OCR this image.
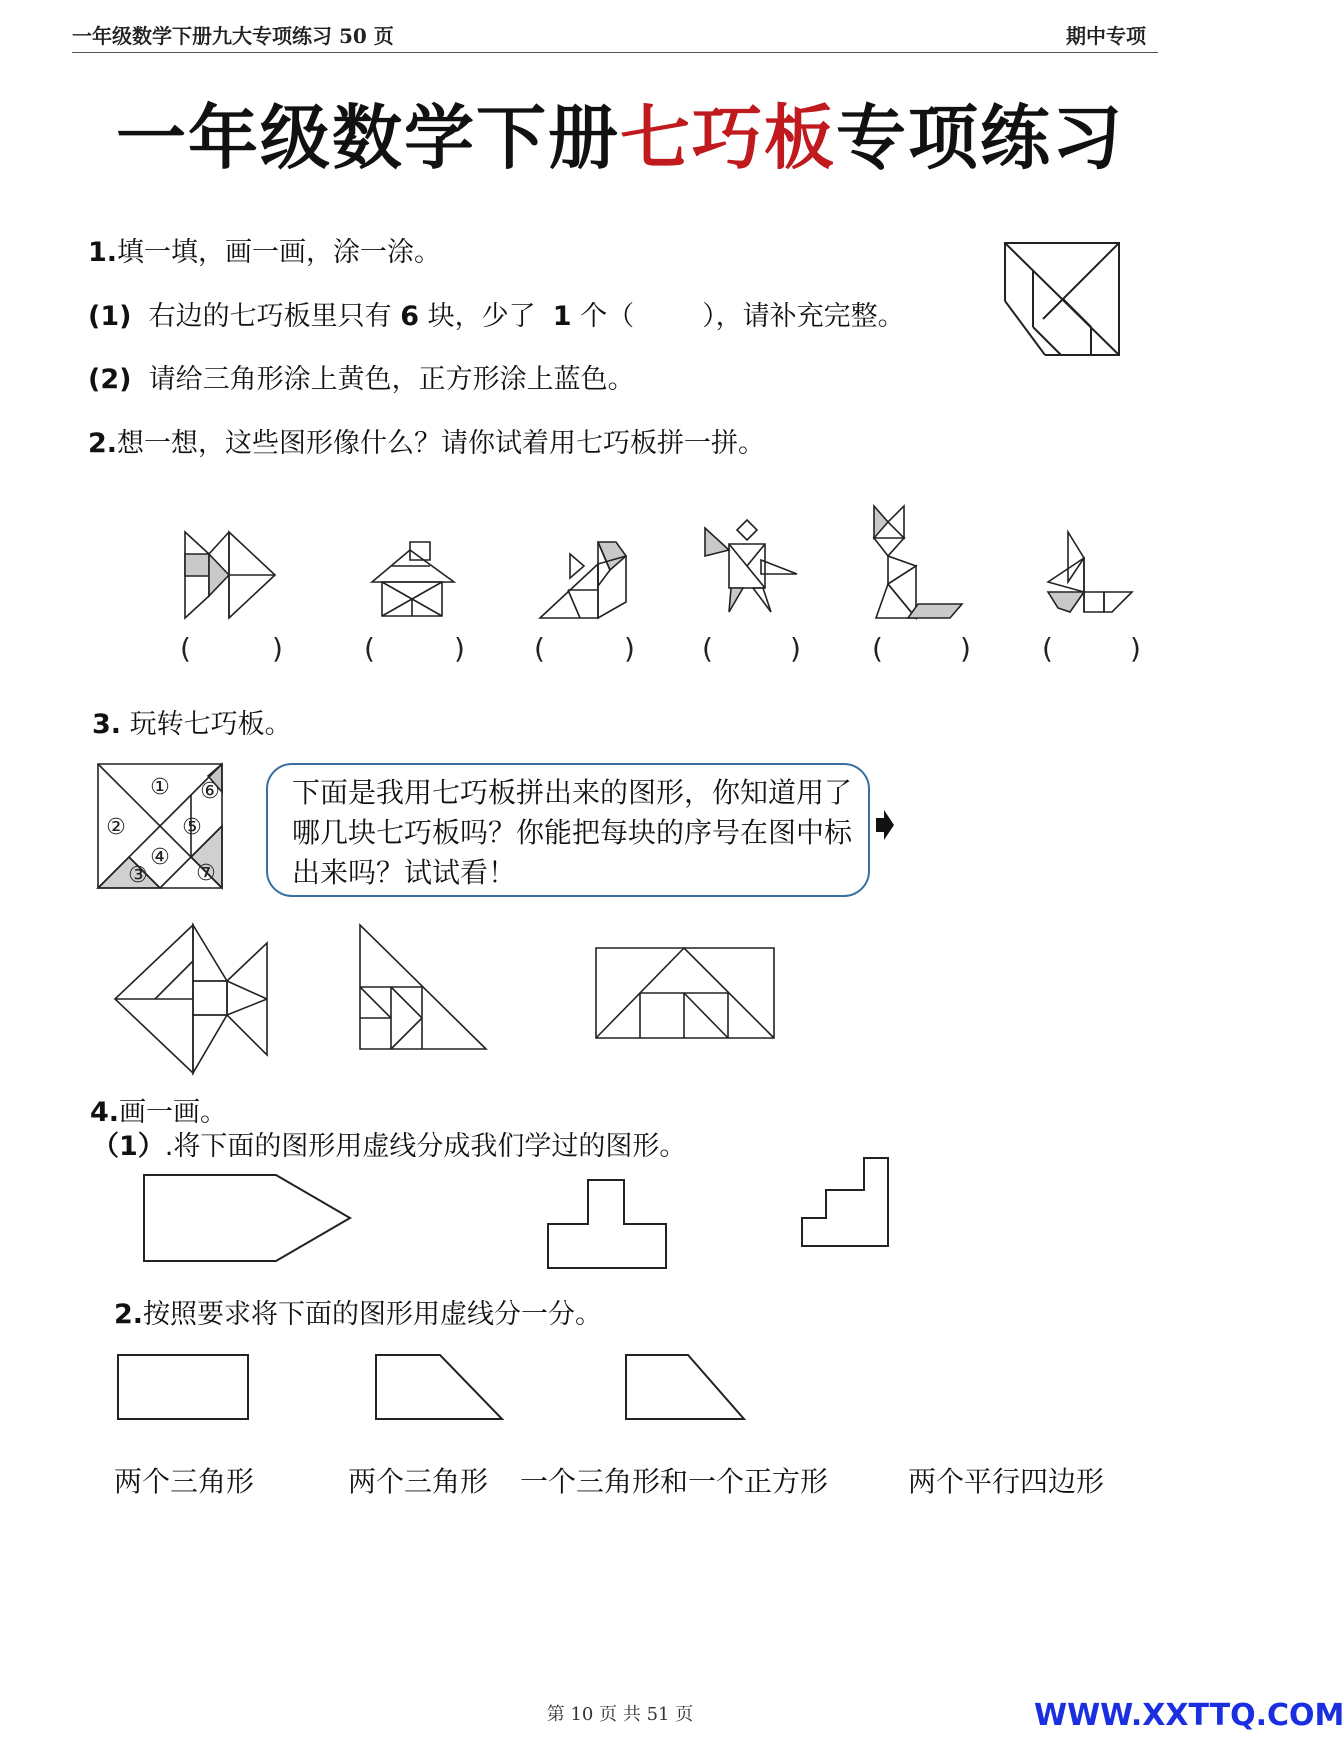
一年级数学下册九大专项练习 50 页	期中专项
一年级数学下册七巧板专项练习
1.填一填，画一画，涂一涂。
(1) 右边的七巧板里只有 6 块，少了 1 个（	），请补充完整。
(2) 请给三角形涂上黄色，正方形涂上蓝色。
2.想一想，这些图形像什么？请你试着用七巧板拼一拼。
(	)	(	) (	) (	)	(	)	(	)
3. 玩转七巧板。
①
②
③
④
⑤
⑥
⑦
下面是我用七巧板拼出来的图形，你知道用了哪几块七巧板吗？你能把每块的序号在图中标出来吗？试试看！
4.画一画。
（1）.将下面的图形用虚线分成我们学过的图形。
2.按照要求将下面的图形用虚线分一分。
两个三角形	两个三角形 一个三角形和一个正方形	两个平行四边形
第 10 页 共 51 页	WWW.XXTTQ.COM
